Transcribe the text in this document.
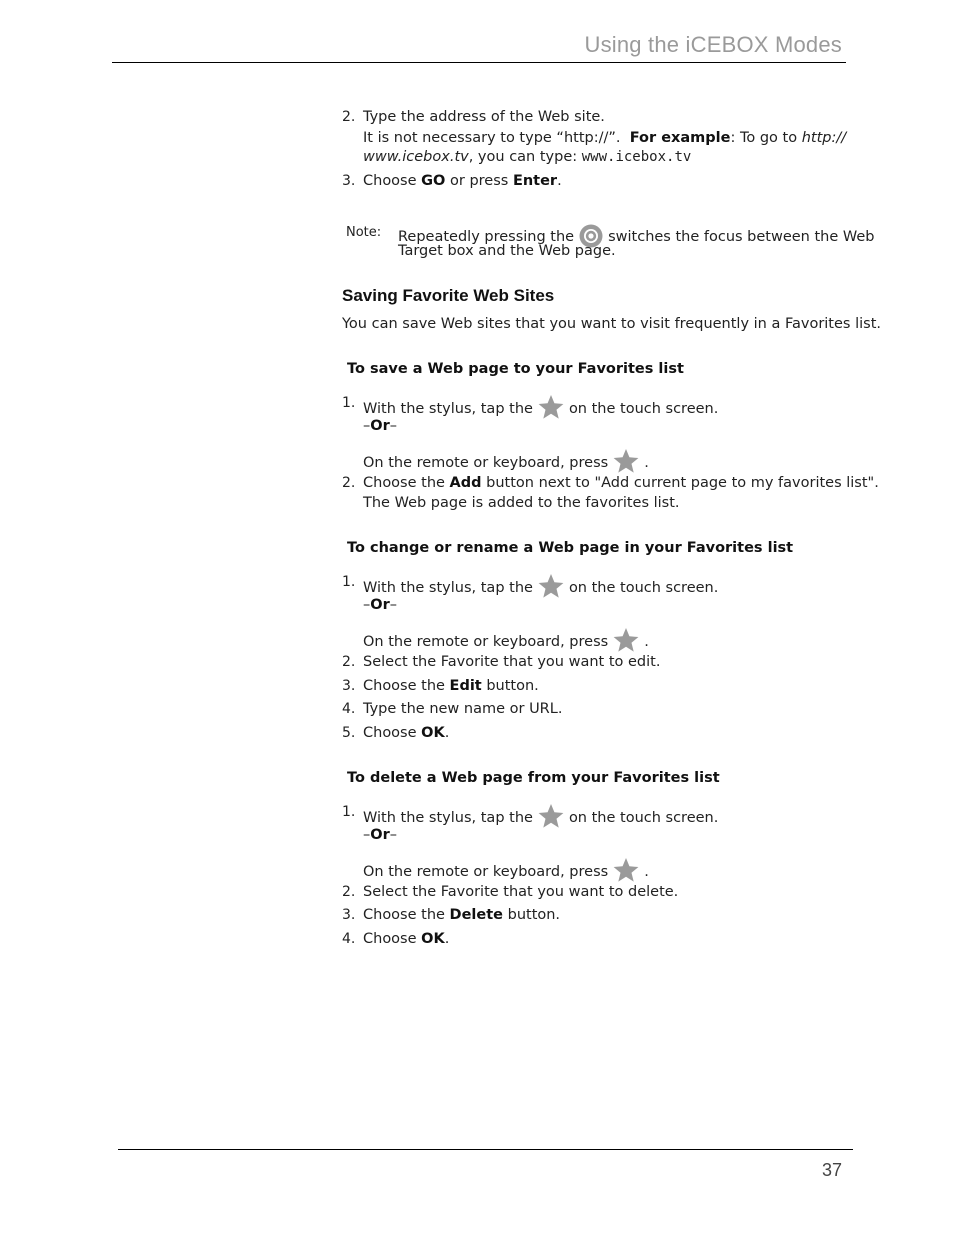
Using the iCEBOX Modes
2. Type the address of the Web site.
It is not necessary to type “http://”. For example: To go to http://
www.icebox.tv, you can type: www.icebox.tv
3. Choose GO or press Enter.
Note: Repeatedly pressing the switches the focus between the Web
Target box and the Web page.
Saving Favorite Web Sites
You can save Web sites that you want to visit frequently in a Favorites list.
To save a Web page to your Favorites list
1. With the stylus, tap the on the touch screen.
–Or–
On the remote or keyboard, press .
2. Choose the Add button next to "Add current page to my favorites list".
The Web page is added to the favorites list.
To change or rename a Web page in your Favorites list
1. With the stylus, tap the on the touch screen.
–Or–
On the remote or keyboard, press .
2. Select the Favorite that you want to edit.
3. Choose the Edit button.
4. Type the new name or URL.
5. Choose OK.
To delete a Web page from your Favorites list
1. With the stylus, tap the on the touch screen.
–Or–
On the remote or keyboard, press .
2. Select the Favorite that you want to delete.
3. Choose the Delete button.
4. Choose OK.
37
